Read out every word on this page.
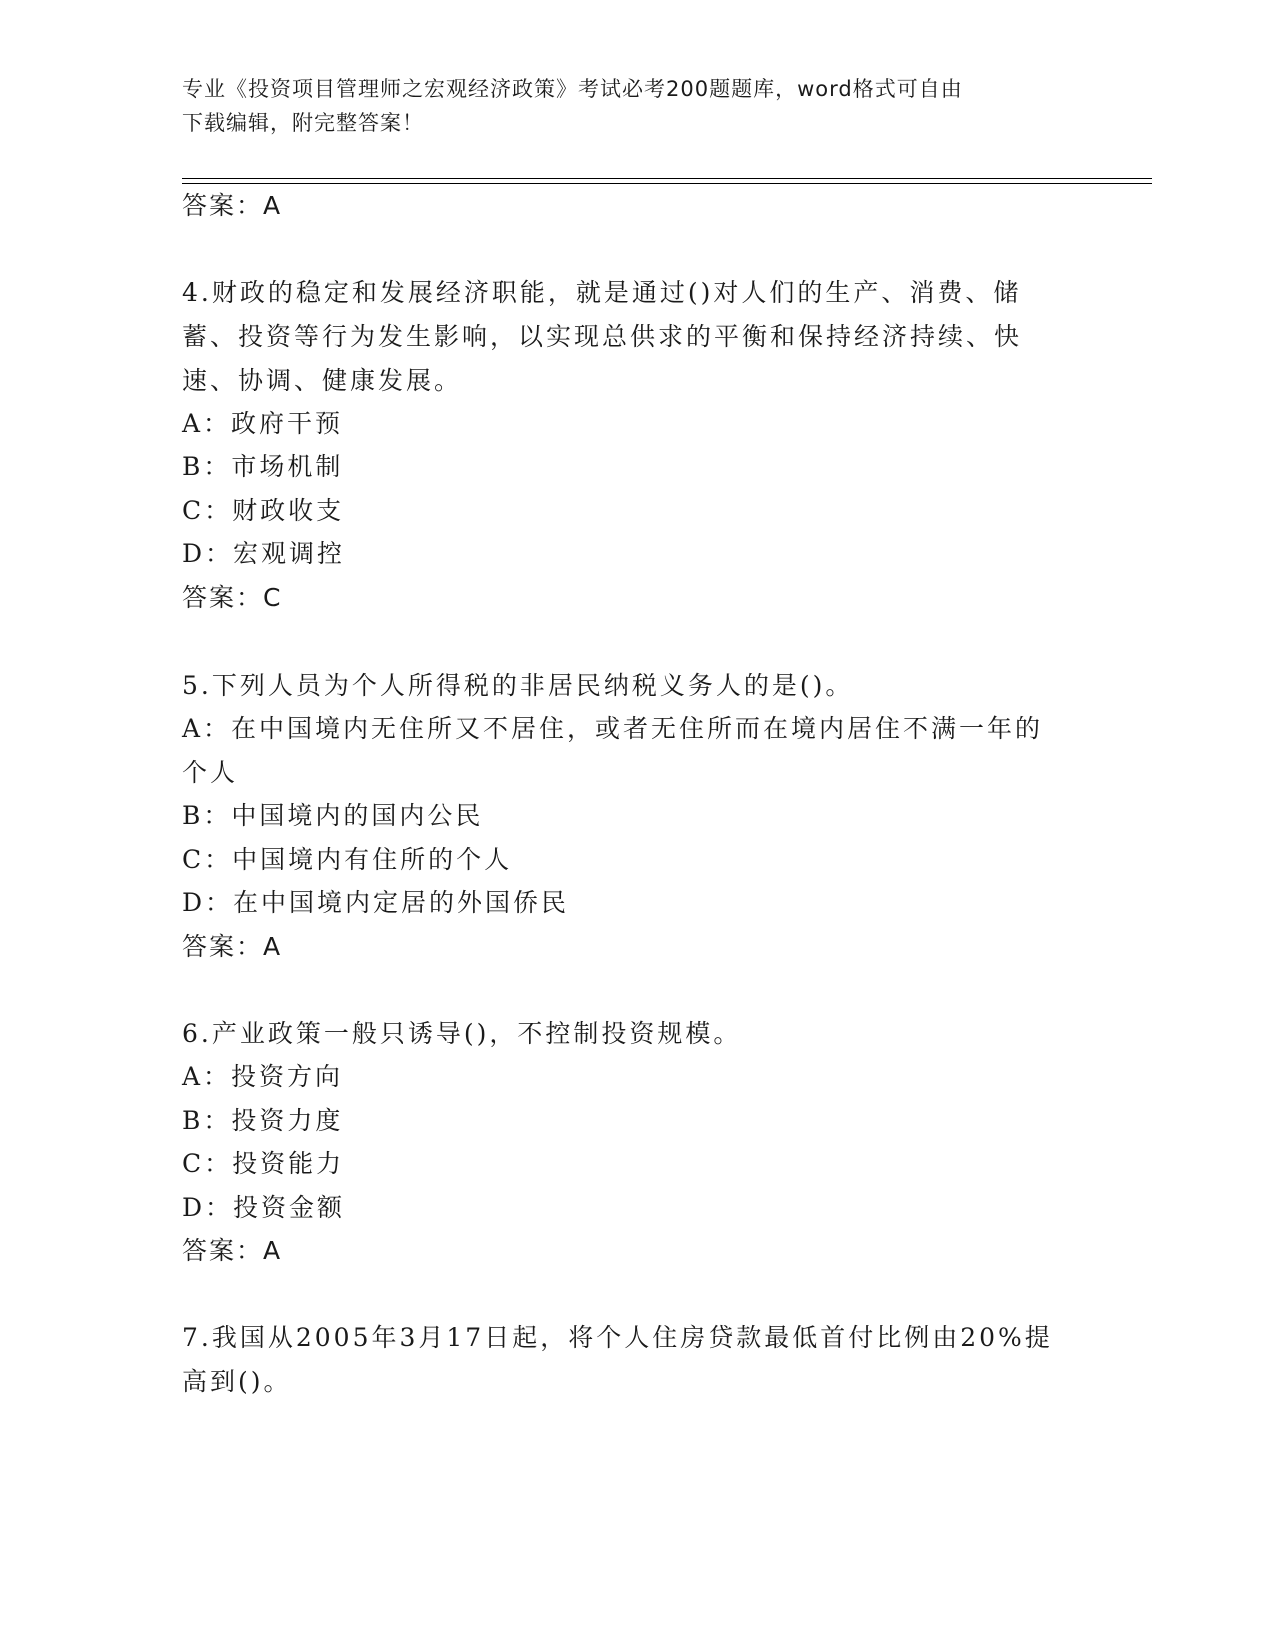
专业《投资项目管理师之宏观经济政策》考试必考200题题库，word格式可自由
下载编辑，附完整答案！
答案：A
4.财政的稳定和发展经济职能，就是通过()对人们的生产、消费、储
蓄、投资等行为发生影响，以实现总供求的平衡和保持经济持续、快
速、协调、健康发展。
A：政府干预
B：市场机制
C：财政收支
D：宏观调控
答案：C
5.下列人员为个人所得税的非居民纳税义务人的是()。
A：在中国境内无住所又不居住，或者无住所而在境内居住不满一年的
个人
B：中国境内的国内公民
C：中国境内有住所的个人
D：在中国境内定居的外国侨民
答案：A
6.产业政策一般只诱导()，不控制投资规模。
A：投资方向
B：投资力度
C：投资能力
D：投资金额
答案：A
7.我国从2005年3月17日起，将个人住房贷款最低首付比例由20%提
高到()。
